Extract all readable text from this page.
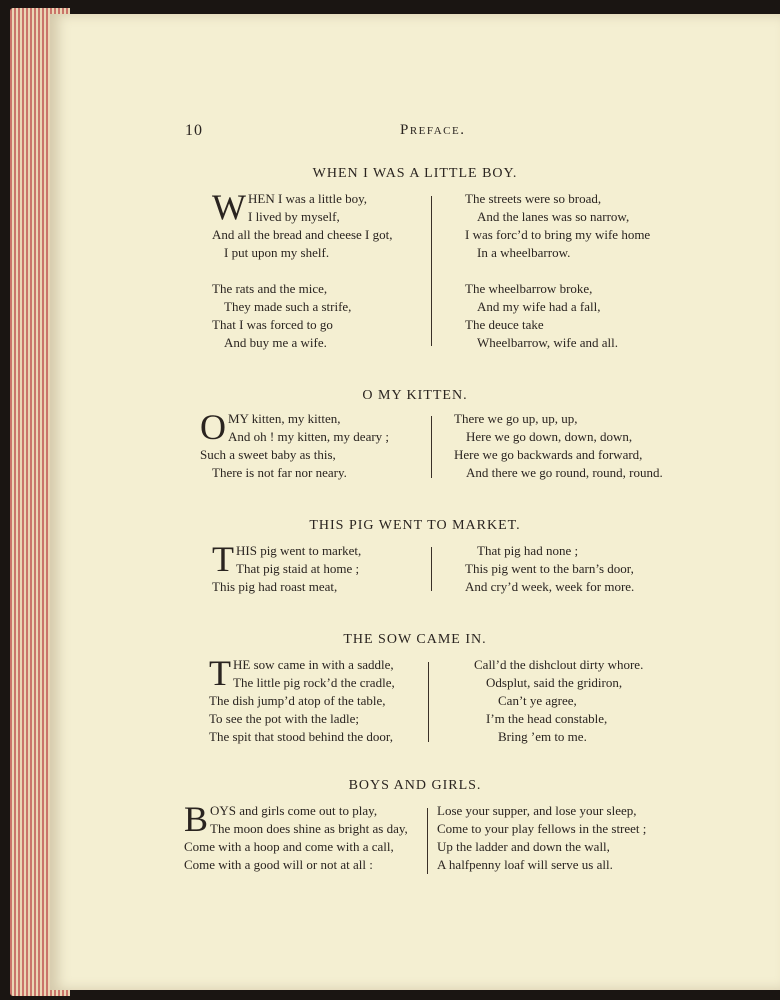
10	Preface.
WHEN I WAS A LITTLE BOY.
WHEN I was a little boy,
I lived by myself,
And all the bread and cheese I got,
I put upon my shelf.
The rats and the mice,
They made such a strife,
That I was forced to go
And buy me a wife.
The streets were so broad,
And the lanes was so narrow,
I was forc’d to bring my wife home
In a wheelbarrow.
The wheelbarrow broke,
And my wife had a fall,
The deuce take
Wheelbarrow, wife and all.
O MY KITTEN.
OMY kitten, my kitten,
And oh ! my kitten, my deary ;
Such a sweet baby as this,
There is not far nor neary.
There we go up, up, up,
Here we go down, down, down,
Here we go backwards and forward,
And there we go round, round, round.
THIS PIG WENT TO MARKET.
THIS pig went to market,
That pig staid at home ;
This pig had roast meat,
That pig had none ;
This pig went to the barn’s door,
And cry’d week, week for more.
THE SOW CAME IN.
THE sow came in with a saddle,
The little pig rock’d the cradle,
The dish jump’d atop of the table,
To see the pot with the ladle;
The spit that stood behind the door,
Call’d the dishclout dirty whore.
Odsplut, said the gridiron,
Can’t ye agree,
I’m the head constable,
Bring ’em to me.
BOYS AND GIRLS.
BOYS and girls come out to play,
The moon does shine as bright as day,
Come with a hoop and come with a call,
Come with a good will or not at all :
Lose your supper, and lose your sleep,
Come to your play fellows in the street ;
Up the ladder and down the wall,
A halfpenny loaf will serve us all.
